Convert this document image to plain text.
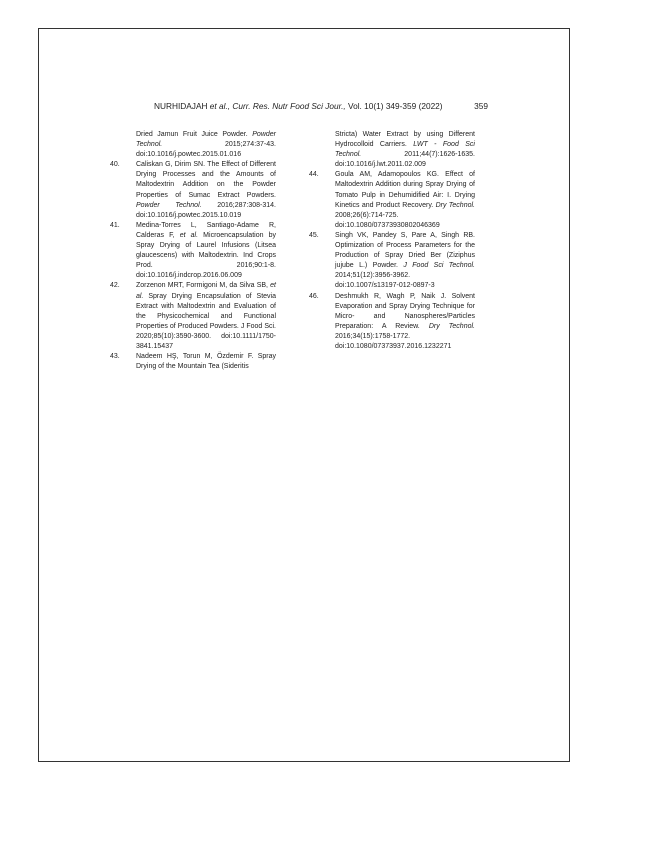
NURHIDAJAH et al., Curr. Res. Nutr Food Sci Jour., Vol. 10(1) 349-359 (2022)	359

Dried Jamun Fruit Juice Powder. Powder Technol. 2015;274:37-43. doi:10.1016/j.powtec.2015.01.016

40. Caliskan G, Dirim SN. The Effect of Different Drying Processes and the Amounts of Maltodextrin Addition on the Powder Properties of Sumac Extract Powders. Powder Technol. 2016;287:308-314. doi:10.1016/j.powtec.2015.10.019

41. Medina-Torres L, Santiago-Adame R, Calderas F, et al. Microencapsulation by Spray Drying of Laurel Infusions (Litsea glaucescens) with Maltodextrin. Ind Crops Prod. 2016;90:1-8. doi:10.1016/j.indcrop.2016.06.009

42. Zorzenon MRT, Formigoni M, da Silva SB, et al. Spray Drying Encapsulation of Stevia Extract with Maltodextrin and Evaluation of the Physicochemical and Functional Properties of Produced Powders. J Food Sci. 2020;85(10):3590-3600. doi:10.1111/1750-3841.15437

43. Nadeem HŞ, Torun M, Özdemir F. Spray Drying of the Mountain Tea (Sideritis

Stricta) Water Extract by using Different Hydrocolloid Carriers. LWT - Food Sci Technol. 2011;44(7):1626-1635. doi:10.1016/j.lwt.2011.02.009

44. Goula AM, Adamopoulos KG. Effect of Maltodextrin Addition during Spray Drying of Tomato Pulp in Dehumidified Air: I. Drying Kinetics and Product Recovery. Dry Technol. 2008;26(6):714-725. doi:10.1080/07373930802046369

45. Singh VK, Pandey S, Pare A, Singh RB. Optimization of Process Parameters for the Production of Spray Dried Ber (Ziziphus jujube L.) Powder. J Food Sci Technol. 2014;51(12):3956-3962. doi:10.1007/s13197-012-0897-3

46. Deshmukh R, Wagh P, Naik J. Solvent Evaporation and Spray Drying Technique for Micro- and Nanospheres/Particles Preparation: A Review. Dry Technol. 2016;34(15):1758-1772. doi:10.1080/07373937.2016.1232271
